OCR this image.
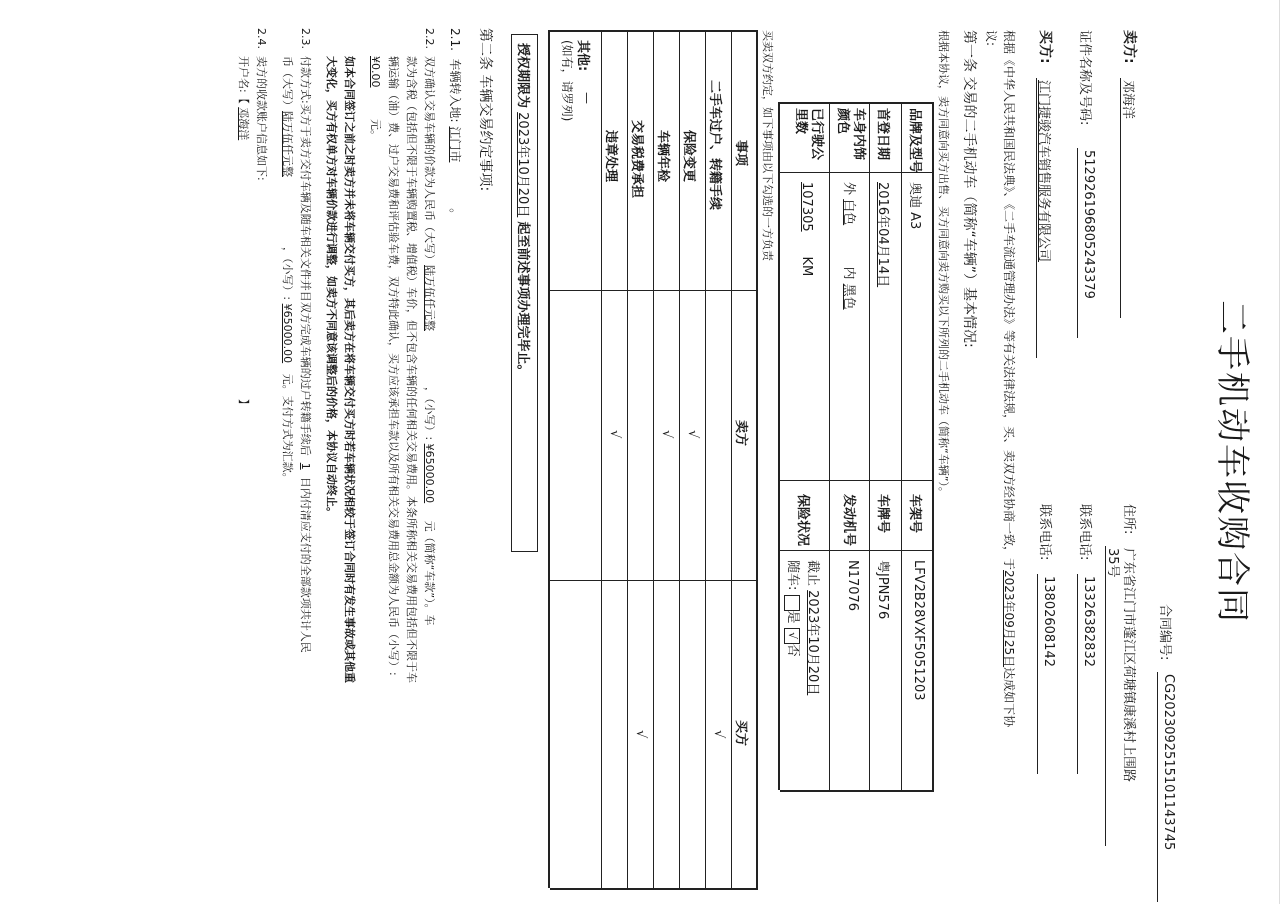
二手机动车收购合同
合同编号:
CG202309251510114374​5
卖方:
邓海洋
住所:
广东省江门市蓬江区荷塘镇康溪村上围路
35号
证件名称及号码:
512926196805243379
联系电话:
13326382832
买方:
江门捷骏汽车销售服务有限公司
联系电话:
13802608142
根据《中华人民共和国民法典》、《二手车流通管理办法》等有关法律法规，买、卖双方经协商一致，于2023年09月25日达成如下协
议:
第一条 交易的二手机动车（简称“车辆”）基本情况:
根据本协议，卖方同意向买方出售、买方同意向卖方购买以下所列的二手机动车（简称“车辆”）。
品牌及型号
奥迪 A3
车架号
LFV2B28VXF5051203
首登日期
2016年04月14日
车牌号
粤JPN576
车身内饰颜色
外 白色          内 黑色
发动机号
N17076
已行驶公里数
107305      KM
保险状况
截止 2023年10月20日
随车: 是 √否
买卖双方约定，如下事项由以下勾选的一方负责
事项
卖方
买方
二手车过户、转籍手续
√
保险变更
√
车辆年检
√
交易税费承担
√
违章处理
√
其他:
(如有，请罗列) —
授权期限为 2023年10月20日 起至前述事项办理完毕止。
第二条 车辆交易约定事项:
2.1.  车辆转入地: 江门市            。
2.2.  双方确认交易车辆的价款为人民币（大写）陆万伍仟元整                ，（小写）: ¥65000.00     元（简称“车款”）。车
款为含税（包括但不限于车辆购置税、增值税）车价，但不包含车辆的任何相关交易费用。本条所称相关交易费用包括但不限于车
辆运输（油）费、过户交易费和评估验车费，双方特此确认，买方应该承担车款以及所有相关交易费用总金额为人民币（小写）:
¥0.00         元。
如本合同签订之前之时卖方并未将车辆交付买方，其后卖方在将车辆交付买方时若车辆状况相较于签订合同时有发生事故或其他重
大变化，买方有权单方对车辆价款进行调整，如卖方不同意该调整后的价格，本协议自动终止。
2.3.  付款方式:买方于卖方交付车辆及随车相关文件并目双方完成车辆的过户转籍手续后  1  日内付清应支付的全部款项共计人民
币（大写）陆万伍仟元整                    ，（小写）: ¥65000.00   元。支付方式为汇款。
2.4.  卖方的收款账户信息如下:
开户名:【 邓海洋                                                                          】
